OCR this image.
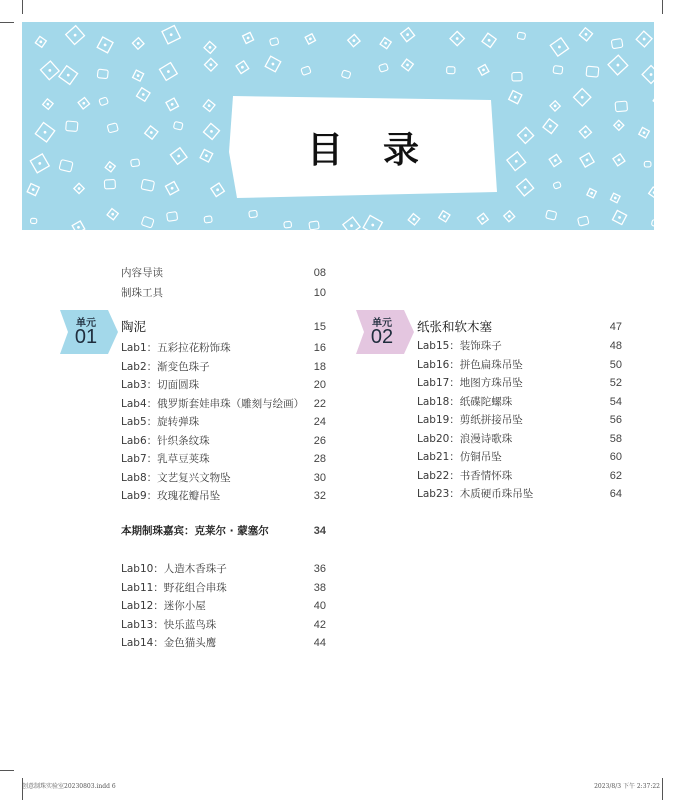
目录
内容导读	08
制珠工具	10
单元
01	陶泥	15
Lab1：五彩拉花粉饰珠	16
Lab2：渐变色珠子	18
Lab3：切面圆珠	20
Lab4：俄罗斯套娃串珠（雕刻与绘画） 22
Lab5：旋转弹珠	24
Lab6：针织条纹珠	26
Lab7：乳草豆荚珠	28
Lab8：文艺复兴文物坠	30
Lab9：玫瑰花瓣吊坠	32
本期制珠嘉宾：克莱尔 · 蒙塞尔	34
Lab10：人造木香珠子	36
Lab11：野花组合串珠	38
Lab12：迷你小屋	40
Lab13：快乐蓝鸟珠	42
Lab14：金色猫头鹰	44
单元
02	纸张和软木塞	47
Lab15：装饰珠子	48
Lab16：拼色扁珠吊坠	50
Lab17：地图方珠吊坠	52
Lab18：纸碟陀螺珠	54
Lab19：剪纸拼接吊坠	56
Lab20：浪漫诗歌珠	58
Lab21：仿铜吊坠	60
Lab22：书香情怀珠	62
Lab23：木质硬币珠吊坠	64
创意制珠实验室20230803.indd 6	2023/8/3 下午 2:37:22
